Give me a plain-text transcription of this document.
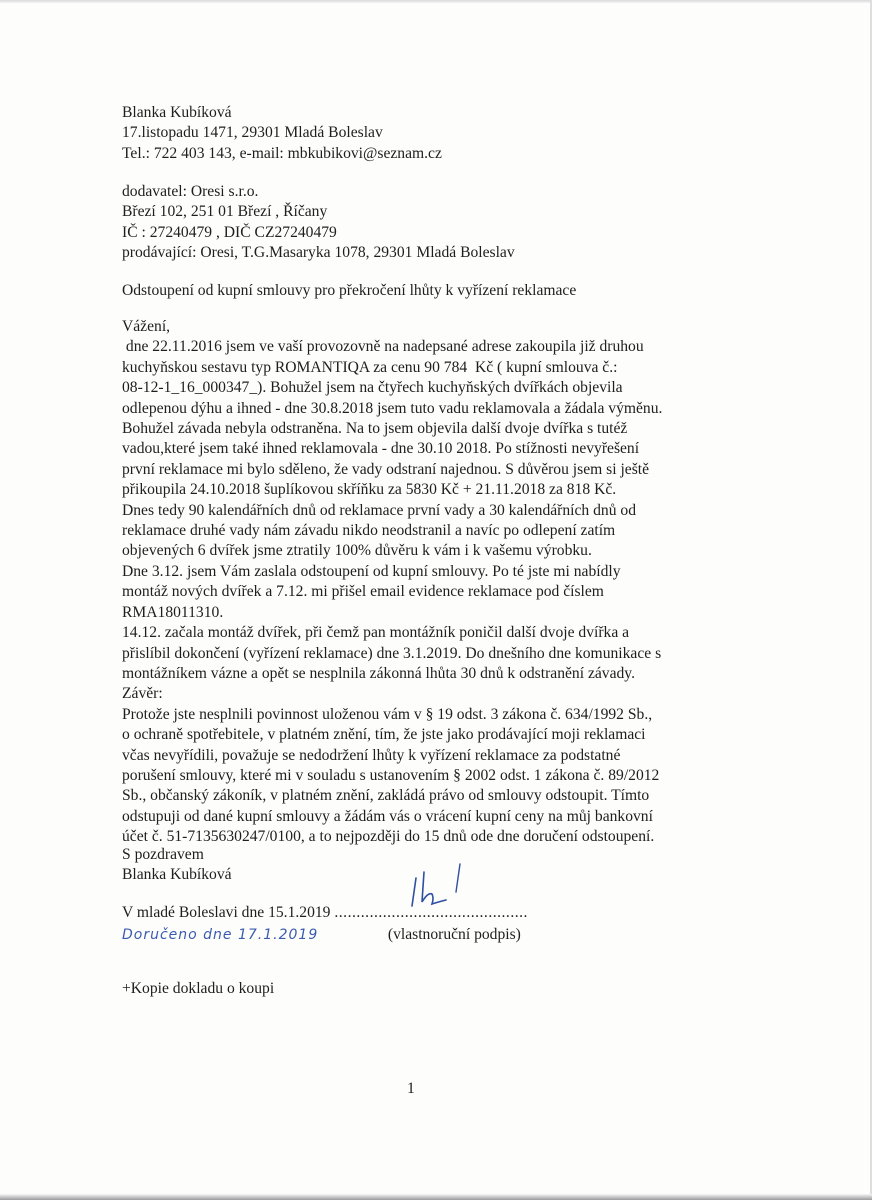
Blanka Kubíková
17.listopadu 1471, 29301 Mladá Boleslav
Tel.: 722 403 143, e-mail: mbkubikovi@seznam.cz
dodavatel: Oresi s.r.o.
Březí 102, 251 01 Březí , Říčany
IČ : 27240479 , DIČ CZ27240479
prodávající: Oresi, T.G.Masaryka 1078, 29301 Mladá Boleslav
Odstoupení od kupní smlouvy pro překročení lhůty k vyřízení reklamace
Vážení,
dne 22.11.2016 jsem ve vaší provozovně na nadepsané adrese zakoupila již druhou
kuchyňskou sestavu typ ROMANTIQA za cenu 90 784  Kč ( kupní smlouva č.:
08-12-1_16_000347_). Bohužel jsem na čtyřech kuchyňských dvířkách objevila
odlepenou dýhu a ihned - dne 30.8.2018 jsem tuto vadu reklamovala a žádala výměnu.
Bohužel závada nebyla odstraněna. Na to jsem objevila další dvoje dvířka s tutéž
vadou,které jsem také ihned reklamovala - dne 30.10 2018. Po stížnosti nevyřešení
první reklamace mi bylo sděleno, že vady odstraní najednou. S důvěrou jsem si ještě
přikoupila 24.10.2018 šuplíkovou skříňku za 5830 Kč + 21.11.2018 za 818 Kč.
Dnes tedy 90 kalendářních dnů od reklamace první vady a 30 kalendářních dnů od
reklamace druhé vady nám závadu nikdo neodstranil a navíc po odlepení zatím
objevených 6 dvířek jsme ztratily 100% důvěru k vám i k vašemu výrobku.
Dne 3.12. jsem Vám zaslala odstoupení od kupní smlouvy. Po té jste mi nabídly
montáž nových dvířek a 7.12. mi přišel email evidence reklamace pod číslem
RMA18011310.
14.12. začala montáž dvířek, při čemž pan montážník poničil další dvoje dvířka a
přislíbil dokončení (vyřízení reklamace) dne 3.1.2019. Do dnešního dne komunikace s
montážníkem vázne a opět se nesplnila zákonná lhůta 30 dnů k odstranění závady.
Závěr:
Protože jste nesplnili povinnost uloženou vám v § 19 odst. 3 zákona č. 634/1992 Sb.,
o ochraně spotřebitele, v platném znění, tím, že jste jako prodávající moji reklamaci
včas nevyřídili, považuje se nedodržení lhůty k vyřízení reklamace za podstatné
porušení smlouvy, které mi v souladu s ustanovením § 2002 odst. 1 zákona č. 89/2012
Sb., občanský zákoník, v platném znění, zakládá právo od smlouvy odstoupit. Tímto
odstupuji od dané kupní smlouvy a žádám vás o vrácení kupní ceny na můj bankovní
účet č. 51-7135630247/0100, a to nejpozději do 15 dnů ode dne doručení odstoupení.
S pozdravem
Blanka Kubíková
V mladé Boleslavi dne 15.1.2019 ............................................
Doručeno dne 17.1.2019	(vlastnoruční podpis)
+Kopie dokladu o koupi
1
